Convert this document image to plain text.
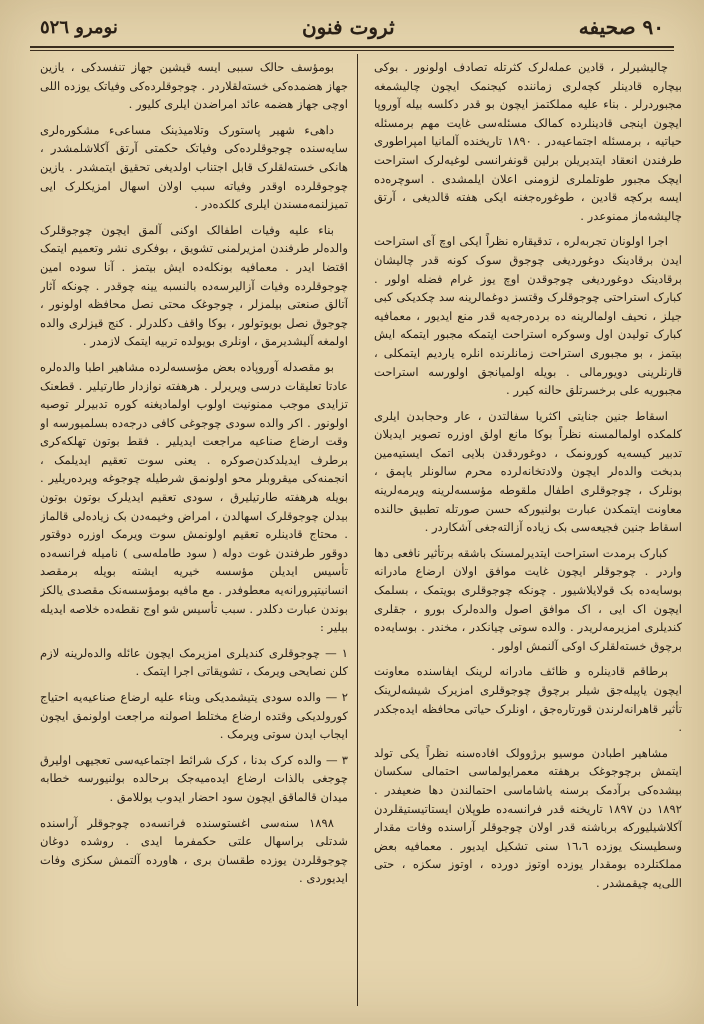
٩٠ صحيفه
ثروت فنون
نومرو ٥٢٦

چالیشیرلر ، قادین عمله‌لرک کثرتله تصادف اولونور . بوکی بیچاره قادینلر کچه‌لری زماننده کیجنمک ایچون چالیشمغه مجبوردرلر . بناء علیه مملکتمز ایچون بو قدر دکلسه بیله آوروپا ایچون اینجی قادینلرده کمالک مسئله‌سی غایت مهم برمسئله حیاتیه ، برمسئله اجتماعیه‌در . ١٨٩٠ تاریخنده آلمانیا امپراطوری طرفندن انعقاد ایتدیریلن برلین قونفرانسی لوغیه‌لرک استراحت ایچک مجبور طوتلملری لزومنی اعلان ایلمشدی . اسوچره‌ده ایسه برکچه قادین ، طوغوره‌جغنه ایکی هفته قالدیغی ، آرتق چالیشه‌ماز ممنوعدر .

اجرا اولونان تجربه‌لره ، تدقیقاره نظراً ایکی اوچ آی استراحت ایدن برقادینک دوغوردیغی چوجوق سوک کونه قدر چالیشان برقادینک دوغوردیغی چوجوقدن اوچ یوز غرام فضله اولور . کبارک استراحتی چوجوقلرک وقتسز دوغمالرینه سد چکدیکی کبی جیلز ، نحیف اولمالرینه ده برده‌رجه‌یه قدر منع ایدیور ، معمافیه کبارک تولیدن اول وسوکره استراحت ایتمکه مجبور ایتمکه ایش بیتمز ، بو مجبوری استراحت زمانلرنده انلره یاردیم ایتمکلی ، قارنلرینی دویورمالی . بویله اولمیانجق اولورسه استراحت مجبوریه علی برخسرتلق حالنه کیرر .

اسقاط جنین جنایتی اکثریا سفالتدن ، عار وحجابدن ایلری کلمکده اولمالمسنه نظراً بوکا مانع اولق اوزره تصویر ایدیلان تدبیر کیسه‌یه کورونمک ، دوغوردقدن بلایی اتمک ایستیه‌مین بدبخت والده‌لر ایچون ولادتخانه‌لرده محرم سالونلر یاپمق ، بونلرک ، چوجوقلری اطفال ملقوطه مؤسسه‌لرینه ویرمه‌لرینه معاونت ایتمکدن عبارت بولنیورکه حسن صورتله تطبیق حالنده اسقاط جنین فجیعه‌سی بک زیاده آزالته‌جغی آشکاردر .

کبارک برمدت استراحت ایتدیرلمسنک باشقه برتأثیر نافعی دها واردر . چوجوقلر ایچون غایت موافق اولان ارضاع مادرانه بوسایه‌ده بک قولایلاشیور . چونکه چوجوقلری بویتمک ، بسلمک ایچون اک ایی ، اک موافق اصول والده‌لرک بورو ، جقلری کندیلری امزیرمه‌لریدر . والده سوتی چیانکدر ، مخندر . بوسایه‌ده برچوق خسته‌لقلرک اوکی آلنمش اولور .

برطاقم قادینلره و ظائف مادرانه لرینک ایفاسنده معاونت ایچون یاپیله‌جق شیلر برچوق چوجوقلری امزیرک شیشه‌لرینک تأثیر قاهرانه‌لرندن قورتاره‌جق ، اونلرک حیاتی محافظه ایده‌جکدر .

مشاهیر اطبادن موسیو برژوولک افاده‌سنه نظراً یکی تولد ایتمش برچوجوغک برهفته معمرایولماسی احتمالی سکسان بیشده‌کی برآدمک برسنه یاشاماسی احتمالندن دها ضعیفدر . ١٨٩٢ دن ١٨٩٧ تاریخنه قدر فرانسه‌ده طوپلان ایستاتیستیقلردن آکلاشیلیورکه برباشنه قدر اولان چوجوقلر آراسنده وفات مقدار وسطیسنک یوزده ١٦،٦ سنی تشکیل ایدیور . معمافیه بعض مملکتلرده بومقدار یوزده اوتوز دورده ، اوتوز سکزه ، حتی اللی‌یه چیقمشدر .

بومؤسف حالک سببی ایسه قیشین جهاز تنفسدکی ، یازین جهاز هضمده‌کی خسته‌لقلاردر . چوجوقلرده‌کی وفیاتک یوزده اللی اوچی جهاز هضمه عائد امراضدن ایلری کلیور .

داهیء شهیر پاستورک وتلامیذینک مساعیء مشکوره‌لری سایه‌سنده چوجوقلرده‌کی وفیاتک حکمتی آرتق آکلاشلمشدر ، هانکی خسته‌لقلرک قابل اجتناب اولدیغی تحقیق ایتمشدر . یازین چوجوقلرده اوقدر وفیاته سبب اولان اسهال امزیکلرک ایی تمیزلنمه‌مسندن ایلری کلکده‌در .

بناء علیه وفیات اطفالک اوکنی آلمق ایچون چوجوقلرک والده‌لر طرفندن امزیرلمنی تشویق ، بوفکری نشر وتعمیم ایتمک اقتضا ایدر . معمافیه بونکله‌ده ایش بیتمز . آنا سوده امین چوجوقلرده وفیات آزالیرسه‌ده بالنسبه یینه چوقدر . چونکه آثار آتالق صنعتی بیلمزلر ، چوجوغک محتی نصل محافظه اولونور ، چوجوق نصل بویوتولور ، بوکا واقف دکلدرلر . کنج قیزلری والده اولمغه آلیشدیرمق ، اونلری بویولده تربیه ایتمک لازمدر .

بو مقصدله آوروپاده بعض مؤسسه‌لرده مشاهیر اطبا والده‌لره عادتا تعلیقات درسی ویریرلر . هرهفته نوازدار طارتیلیر . قطعنک تزایدی موجب ممنونیت اولوب اولمادیغنه کوره تدبیرلر توصیه اولونور . اکر والده سودی چوجوغی کافی درجه‌ده بسلمیورسه او وقت ارضاع صناعیه مراجعت ایدیلیر . فقط بوتون تهلکه‌کری برطرف ایدیلدکدن‌صوکره . یعنی سوت تعقیم ایدیلمک ، انجمنه‌کی میقروبلر محو اولونمق شرطیله چوجوغه ویرده‌ریلیر . بویله هرهفته طارتیلیرق ، سودی تعقیم ایدیلرک بوتون بوتون بیدلن چوجوقلرک اسهالدن ، امراض وخیمه‌دن بک زیاده‌لی قالماز . محتاج قادینلره تعقیم اولونمش سوت ویرمک اوزره دوقتور دوقور طرفندن غوت دوله ( سود طامله‌سی ) نامیله فرانسه‌ده تأسیس ایدیلن مؤسسه خیریه ایشته بویله برمقصد انسانیتپرورانه‌یه معطوفدر . مع مافیه بومؤسسه‌نک مقصدی یالکز بوندن عبارت دکلدر . سبب تأسیس شو اوج نقطه‌ده خلاصه ایدیله بیلیر :

١ — چوجوقلری کندیلری امزیرمک ایچون عائله والده‌لرینه لازم کلن نصایحی ویرمک ، تشویقاتی اجرا ایتمک .

٢ — والده سودی یتیشمدیکی وبناء علیه ارضاع صناعیه‌یه احتیاج کورولدیکی وقتده ارضاع مختلط اصولنه مراجعت اولونمق ایچون ایجاب ایدن سوتی ویرمک .

٣ — والده کرک بدنا ، کرک شرائط اجتماعیه‌سی تعجیهی اولیرق چوجغی بالذات ارضاع ایده‌میه‌جک برحالده بولنیورسه خطابه میدان قالماقق ایچون سود احضار ایدوب یوللامق .

١٨٩٨ سنه‌سی اغستوسنده فرانسه‌ده چوجوقلر آراسنده شدتلی براسهال علتی حکمفرما ایدی . روشده دوغان چوجوقلردن یوزده طقسان بری ، هاورده آلتمش سکزی وفات ایدیوردی .
